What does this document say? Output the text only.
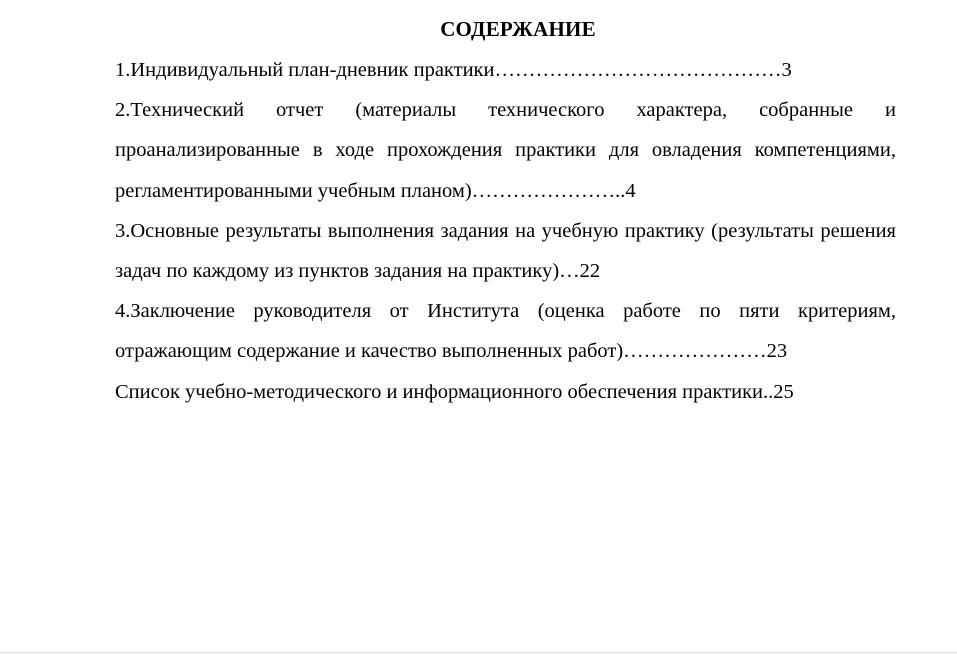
СОДЕРЖАНИЕ

1.Индивидуальный план-дневник практики……………………………………3

2.Технический отчет (материалы технического характера, собранные и проанализированные в ходе прохождения практики для овладения компетенциями, регламентированными учебным планом)…………………..4

3.Основные результаты выполнения задания на учебную практику (результаты решения задач по каждому из пунктов задания на практику)…22

4.Заключение руководителя от Института (оценка работе по пяти критериям, отражающим содержание и качество выполненных работ)…………………23

Список учебно-методического и информационного обеспечения практики..25
